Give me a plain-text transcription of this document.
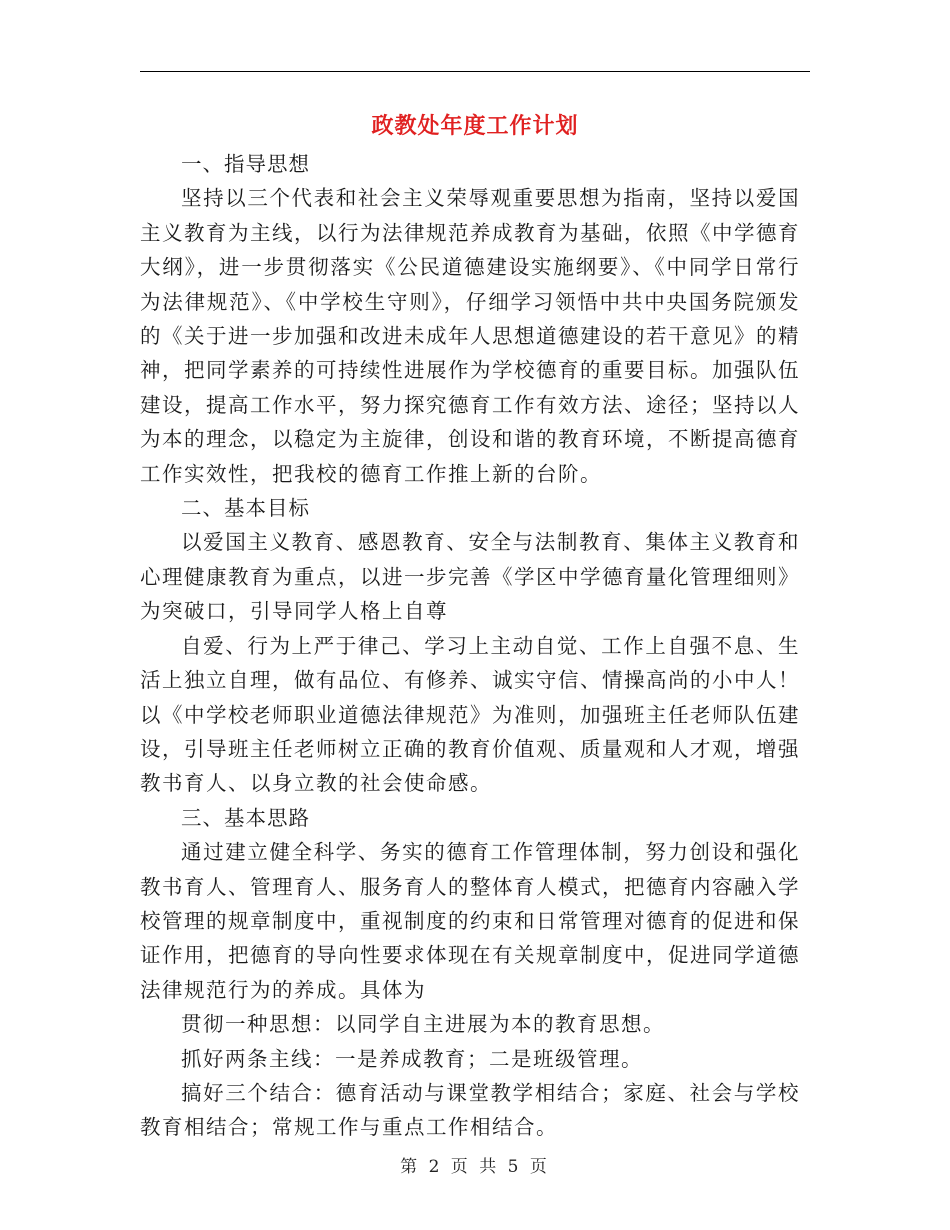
政教处年度工作计划

一、指导思想

坚持以三个代表和社会主义荣辱观重要思想为指南，坚持以爱国主义教育为主线，以行为法律规范养成教育为基础，依照《中学德育大纲》，进一步贯彻落实《公民道德建设实施纲要》、《中同学日常行为法律规范》、《中学校生守则》，仔细学习领悟中共中央国务院颁发的《关于进一步加强和改进未成年人思想道德建设的若干意见》的精神，把同学素养的可持续性进展作为学校德育的重要目标。加强队伍建设，提高工作水平，努力探究德育工作有效方法、途径；坚持以人为本的理念，以稳定为主旋律，创设和谐的教育环境，不断提高德育工作实效性，把我校的德育工作推上新的台阶。

二、基本目标

以爱国主义教育、感恩教育、安全与法制教育、集体主义教育和心理健康教育为重点，以进一步完善《学区中学德育量化管理细则》为突破口，引导同学人格上自尊

自爱、行为上严于律己、学习上主动自觉、工作上自强不息、生活上独立自理，做有品位、有修养、诚实守信、情操高尚的小中人！以《中学校老师职业道德法律规范》为准则，加强班主任老师队伍建设，引导班主任老师树立正确的教育价值观、质量观和人才观，增强教书育人、以身立教的社会使命感。

三、基本思路

通过建立健全科学、务实的德育工作管理体制，努力创设和强化教书育人、管理育人、服务育人的整体育人模式，把德育内容融入学校管理的规章制度中，重视制度的约束和日常管理对德育的促进和保证作用，把德育的导向性要求体现在有关规章制度中，促进同学道德法律规范行为的养成。具体为

贯彻一种思想：以同学自主进展为本的教育思想。

抓好两条主线：一是养成教育；二是班级管理。

搞好三个结合：德育活动与课堂教学相结合；家庭、社会与学校教育相结合；常规工作与重点工作相结合。

第 2 页 共 5 页
